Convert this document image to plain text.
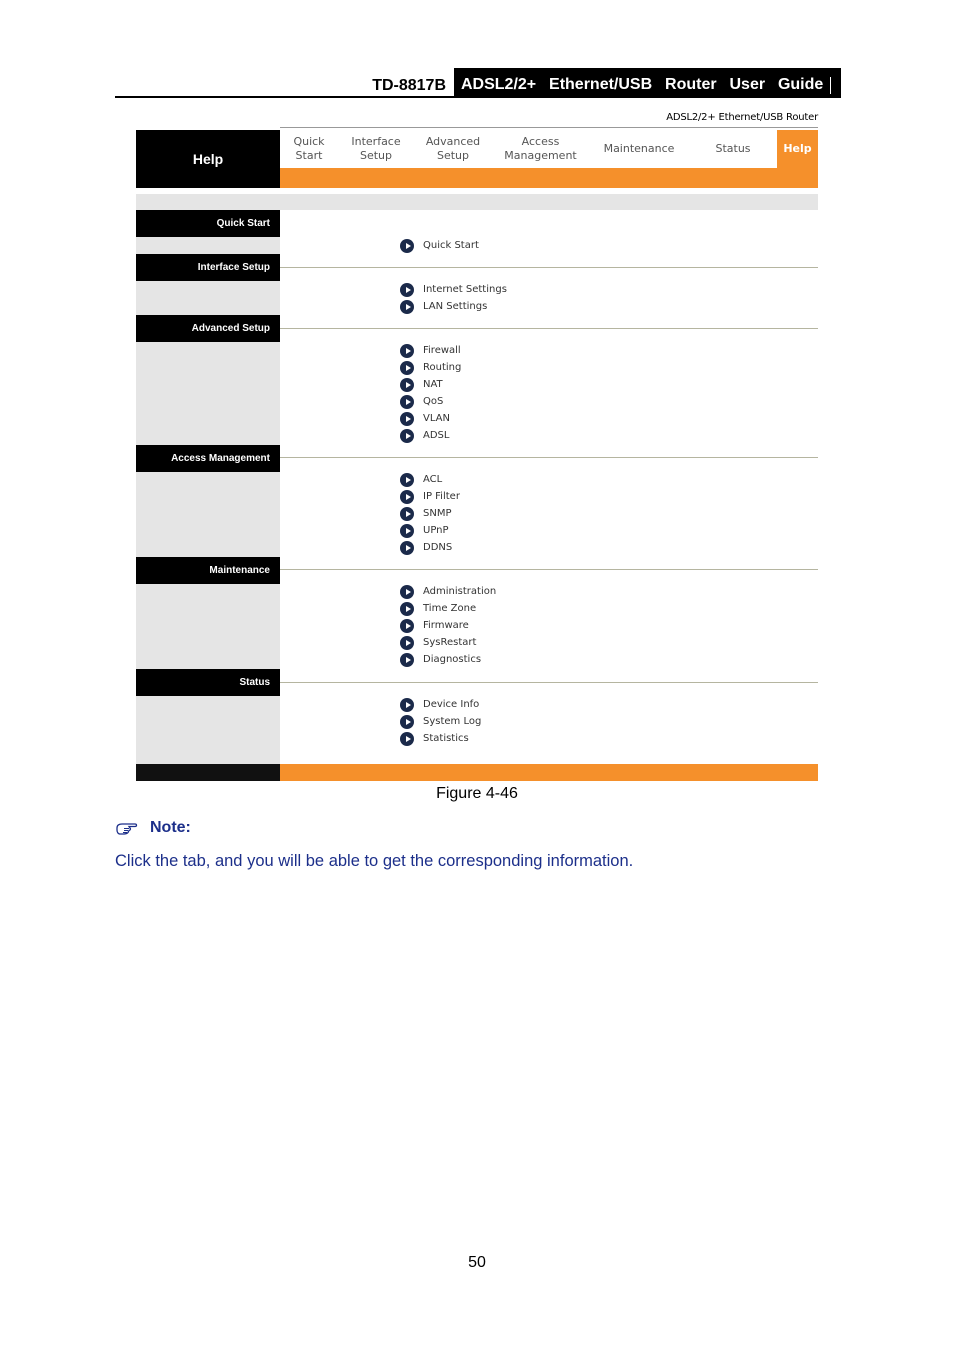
TD-8817B ADSL2/2+  Ethernet/USB  Router  User  Guide
ADSL2/2+ Ethernet/USB Router
Help
Quick
Start
Interface
Setup
Advanced
Setup
Access
Management
Maintenance	Status	Help
Quick Start
Quick Start
Interface Setup
Internet Settings
LAN Settings
Advanced Setup
Firewall
Routing
NAT
QoS
VLAN
ADSL
Access Management
ACL
IP Filter
SNMP
UPnP
DDNS
Maintenance
Administration
Time Zone
Firmware
SysRestart
Diagnostics
Status
Device Info
System Log
Statistics
Figure 4-46
Note:
Click the tab, and you will be able to get the corresponding information.
50
